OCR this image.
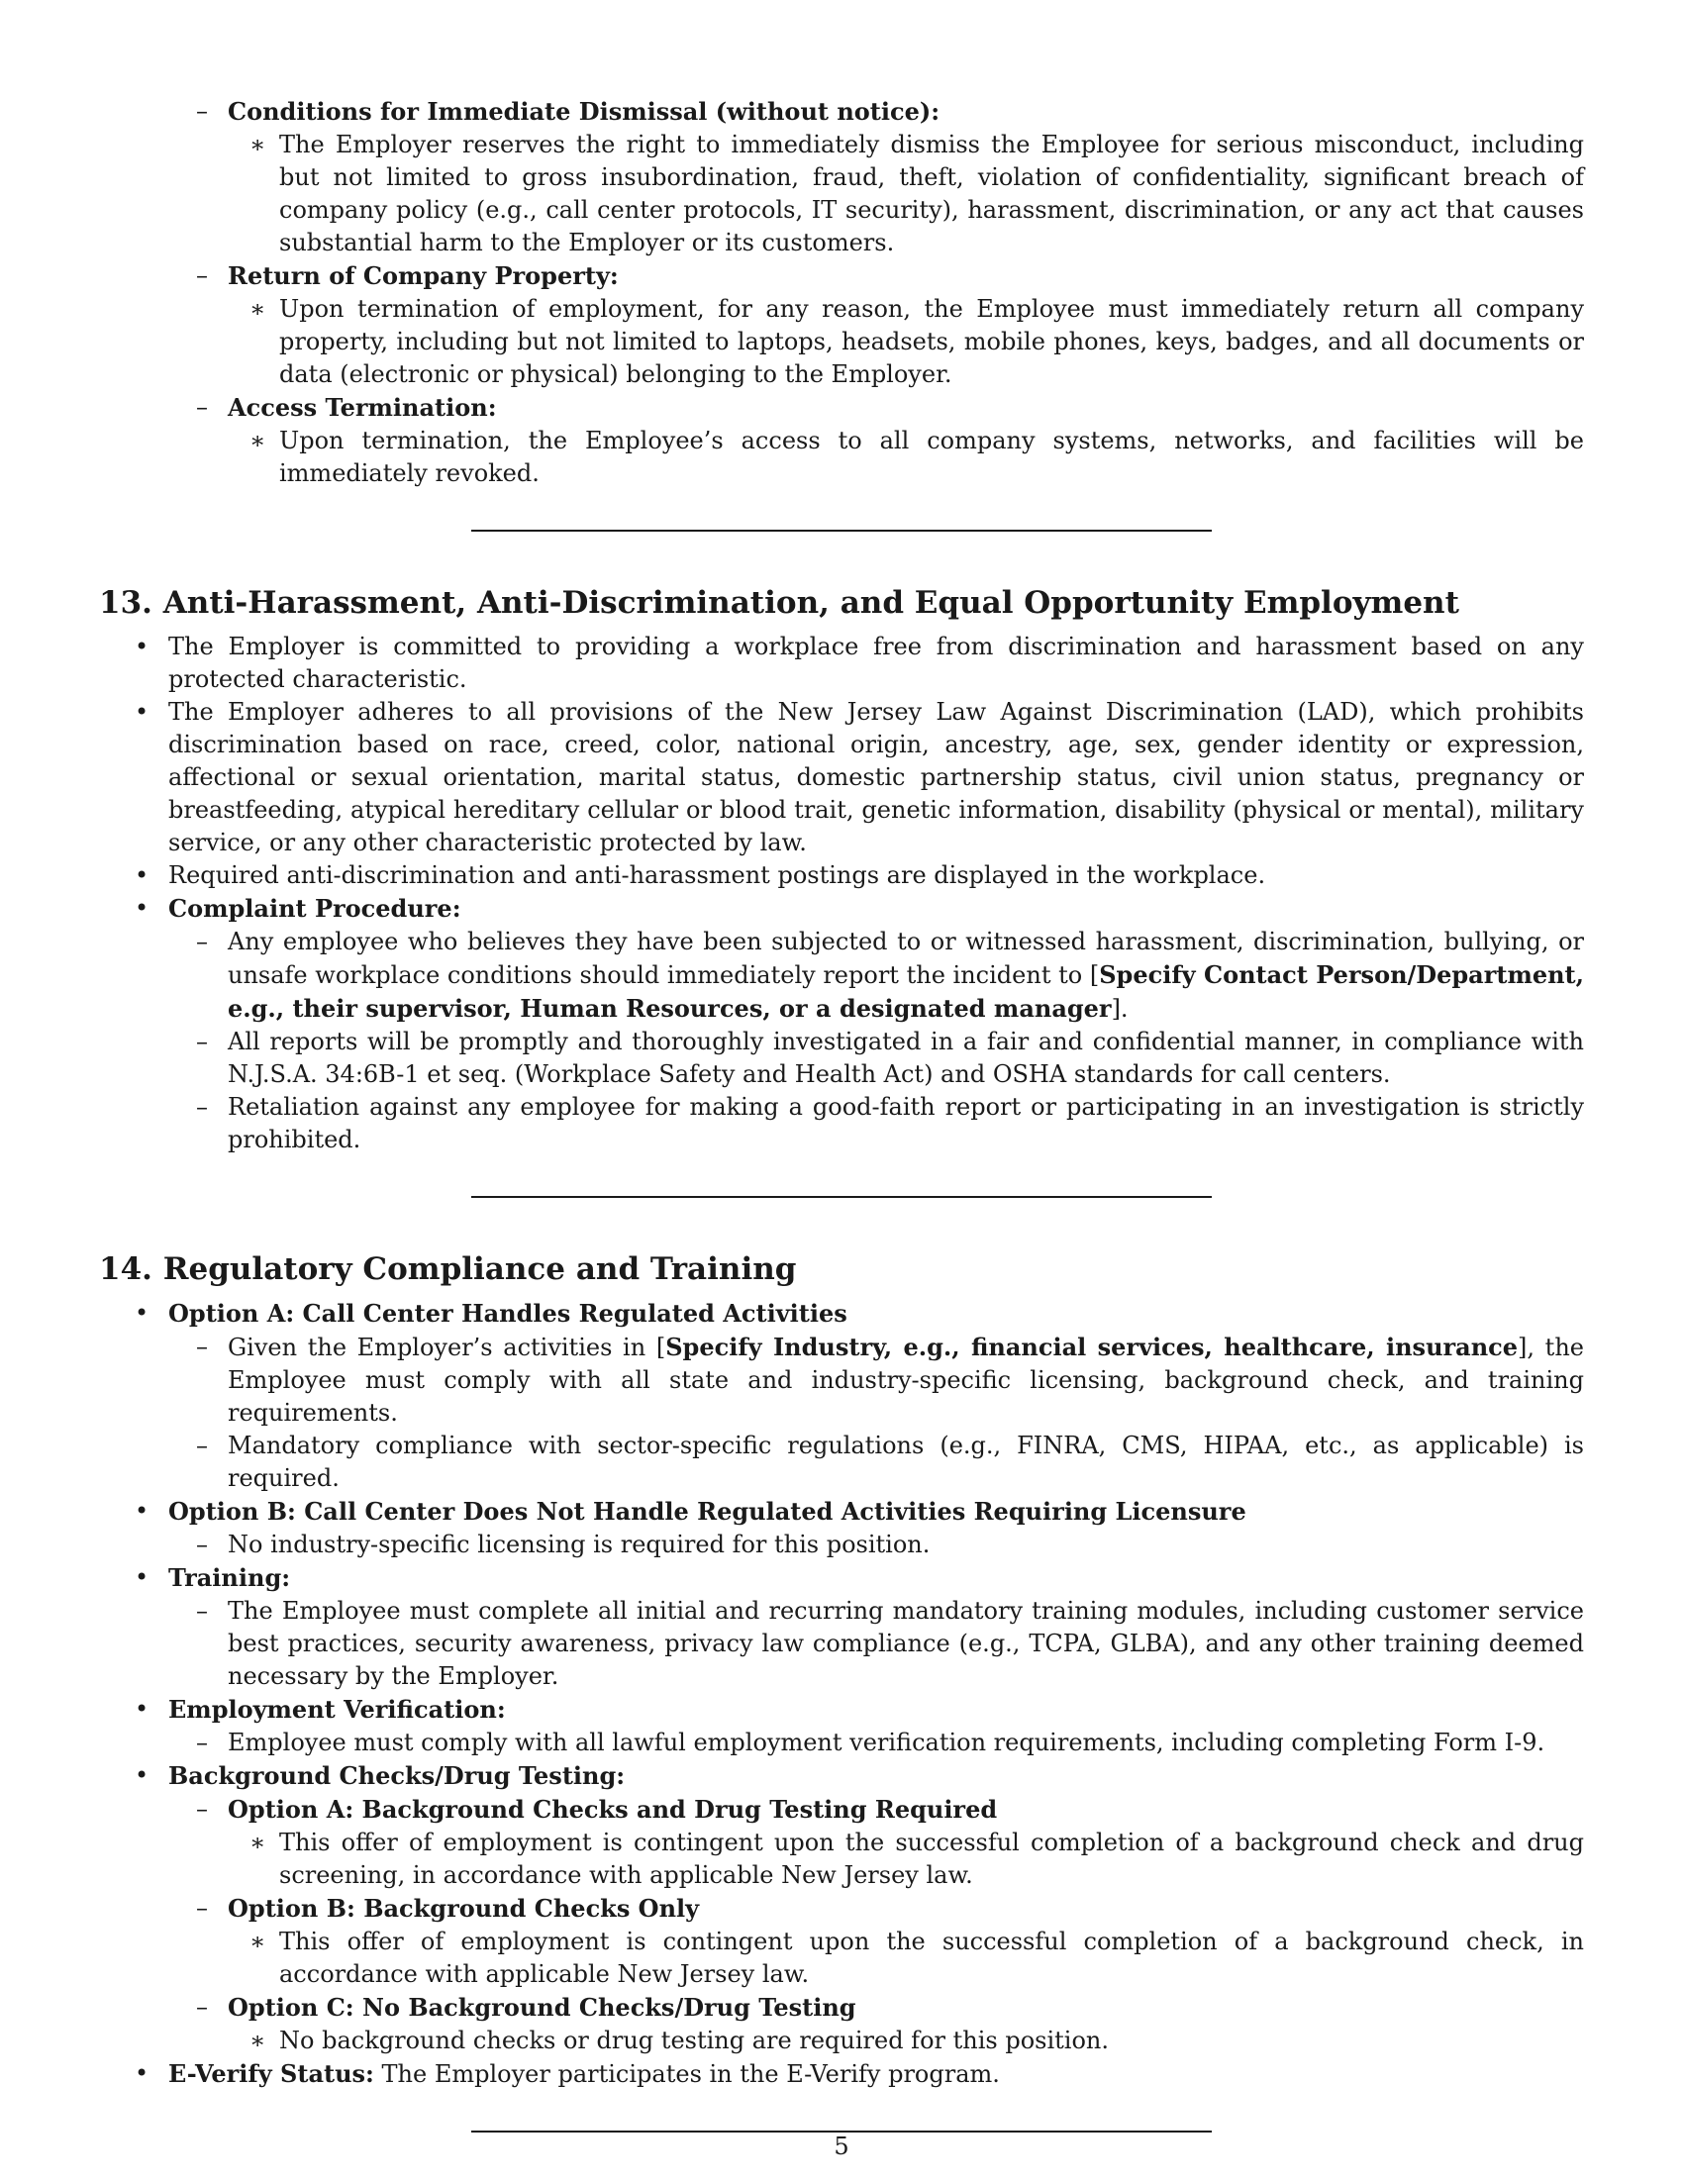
– Conditions for Immediate Dismissal (without notice):
∗ The Employer reserves the right to immediately dismiss the Employee for serious misconduct, including but not limited to gross insubordination, fraud, theft, violation of confidentiality, significant breach of company policy (e.g., call center protocols, IT security), harassment, discrimination, or any act that causes substantial harm to the Employer or its customers.
– Return of Company Property:
∗ Upon termination of employment, for any reason, the Employee must immediately return all company property, including but not limited to laptops, headsets, mobile phones, keys, badges, and all documents or data (electronic or physical) belonging to the Employer.
– Access Termination:
∗ Upon termination, the Employee’s access to all company systems, networks, and facilities will be immediately revoked.
13. Anti-Harassment, Anti-Discrimination, and Equal Opportunity Employment
• The Employer is committed to providing a workplace free from discrimination and harassment based on any protected characteristic.
• The Employer adheres to all provisions of the New Jersey Law Against Discrimination (LAD), which prohibits discrimination based on race, creed, color, national origin, ancestry, age, sex, gender identity or expression, affectional or sexual orientation, marital status, domestic partnership status, civil union status, pregnancy or breastfeeding, atypical hereditary cellular or blood trait, genetic information, disability (physical or mental), military service, or any other characteristic protected by law.
• Required anti-discrimination and anti-harassment postings are displayed in the workplace.
• Complaint Procedure:
– Any employee who believes they have been subjected to or witnessed harassment, discrimination, bullying, or unsafe workplace conditions should immediately report the incident to [Specify Contact Person/Department, e.g., their supervisor, Human Resources, or a designated manager].
– All reports will be promptly and thoroughly investigated in a fair and confidential manner, in compliance with N.J.S.A. 34:6B-1 et seq. (Workplace Safety and Health Act) and OSHA standards for call centers.
– Retaliation against any employee for making a good-faith report or participating in an investigation is strictly prohibited.
14. Regulatory Compliance and Training
• Option A: Call Center Handles Regulated Activities
– Given the Employer’s activities in [Specify Industry, e.g., financial services, healthcare, insurance], the Employee must comply with all state and industry-specific licensing, background check, and training requirements.
– Mandatory compliance with sector-specific regulations (e.g., FINRA, CMS, HIPAA, etc., as applicable) is required.
• Option B: Call Center Does Not Handle Regulated Activities Requiring Licensure
– No industry-specific licensing is required for this position.
• Training:
– The Employee must complete all initial and recurring mandatory training modules, including customer service best practices, security awareness, privacy law compliance (e.g., TCPA, GLBA), and any other training deemed necessary by the Employer.
• Employment Verification:
– Employee must comply with all lawful employment verification requirements, including completing Form I-9.
• Background Checks/Drug Testing:
– Option A: Background Checks and Drug Testing Required
∗ This offer of employment is contingent upon the successful completion of a background check and drug screening, in accordance with applicable New Jersey law.
– Option B: Background Checks Only
∗ This offer of employment is contingent upon the successful completion of a background check, in accordance with applicable New Jersey law.
– Option C: No Background Checks/Drug Testing
∗ No background checks or drug testing are required for this position.
• E-Verify Status: The Employer participates in the E-Verify program.
5
